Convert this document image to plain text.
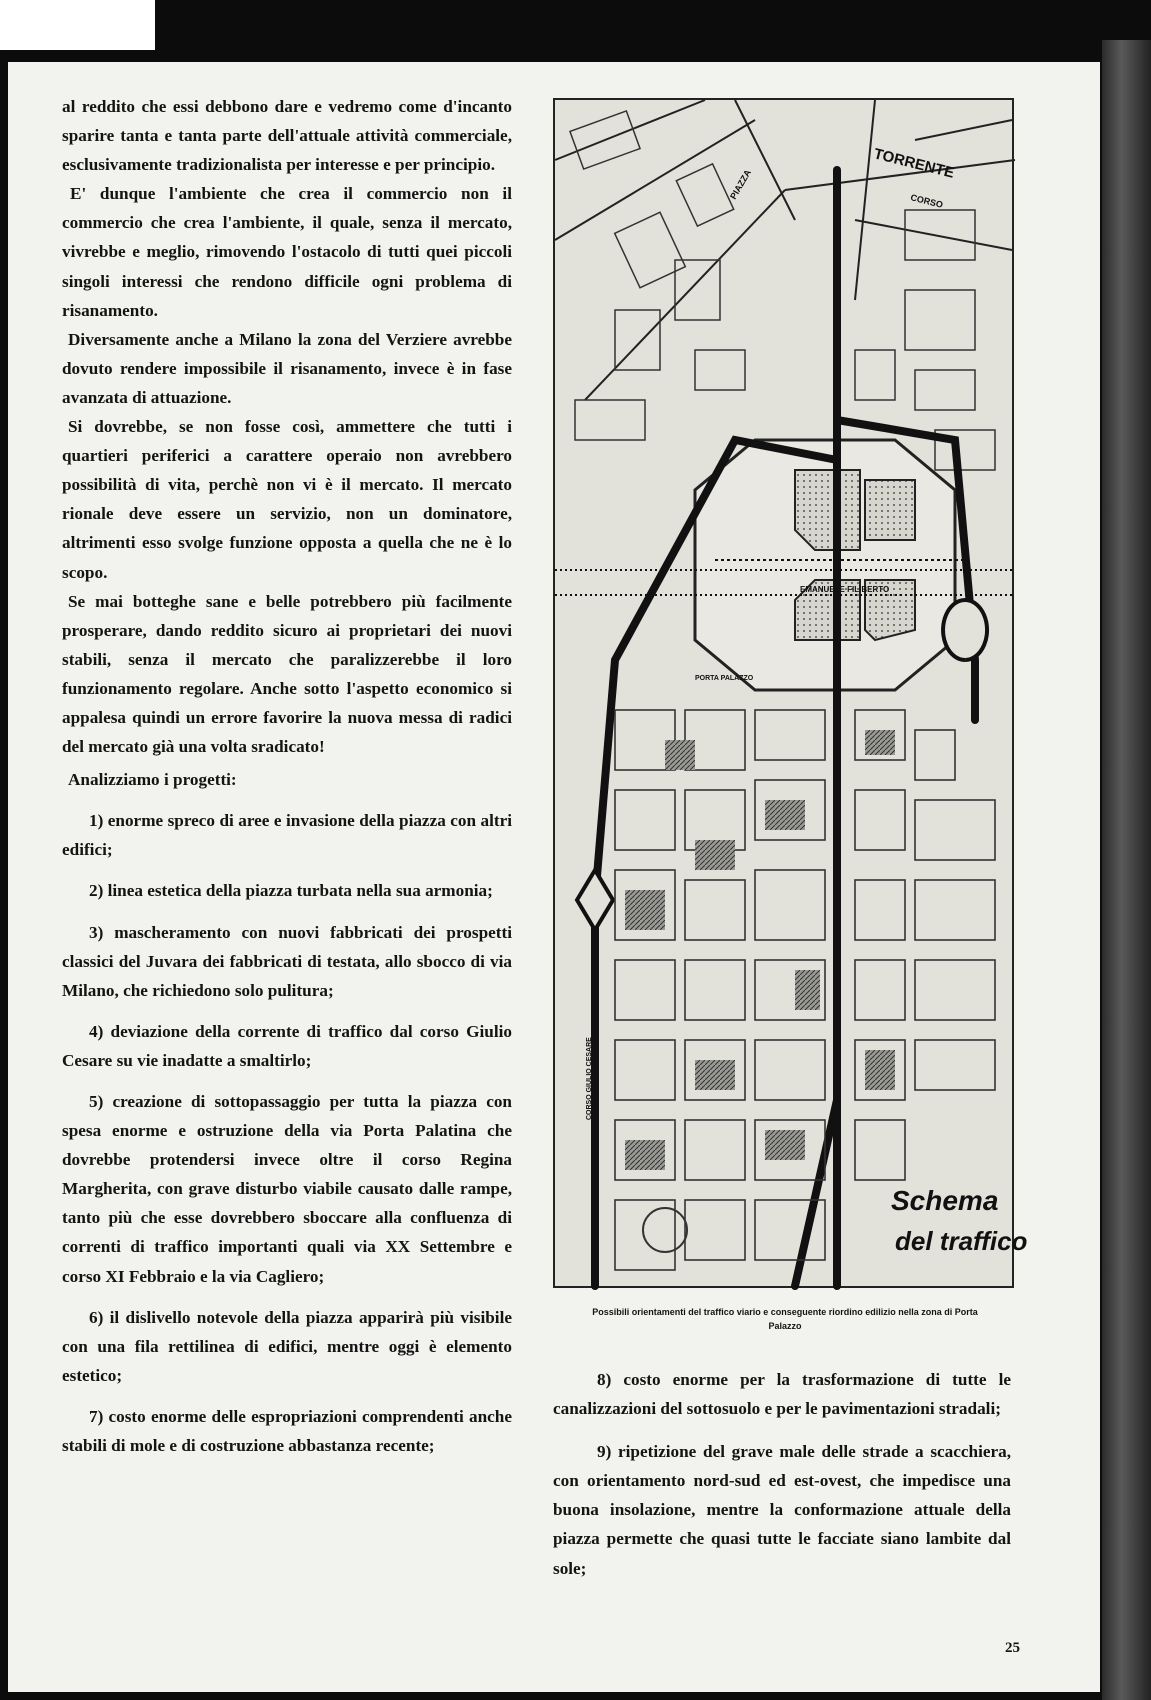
al reddito che essi debbono dare e vedremo come d'incanto sparire tanta e tanta parte dell'attuale attività commerciale, esclusivamente tradizionalista per interesse e per principio.

E' dunque l'ambiente che crea il commercio non il commercio che crea l'ambiente, il quale, senza il mercato, vivrebbe e meglio, rimovendo l'ostacolo di tutti quei piccoli singoli interessi che rendono difficile ogni problema di risanamento.

Diversamente anche a Milano la zona del Verziere avrebbe dovuto rendere impossibile il risanamento, invece è in fase avanzata di attuazione.

Si dovrebbe, se non fosse così, ammettere che tutti i quartieri periferici a carattere operaio non avrebbero possibilità di vita, perchè non vi è il mercato. Il mercato rionale deve essere un servizio, non un dominatore, altrimenti esso svolge funzione opposta a quella che ne è lo scopo.

Se mai botteghe sane e belle potrebbero più facilmente prosperare, dando reddito sicuro ai proprietari dei nuovi stabili, senza il mercato che paralizzerebbe il loro funzionamento regolare. Anche sotto l'aspetto economico si appalesa quindi un errore favorire la nuova messa di radici del mercato già una volta sradicato!

Analizziamo i progetti:

1) enorme spreco di aree e invasione della piazza con altri edifici;

2) linea estetica della piazza turbata nella sua armonia;

3) mascheramento con nuovi fabbricati dei prospetti classici del Juvara dei fabbricati di testata, allo sbocco di via Milano, che richiedono solo pulitura;

4) deviazione della corrente di traffico dal corso Giulio Cesare su vie inadatte a smaltirlo;

5) creazione di sottopassaggio per tutta la piazza con spesa enorme e ostruzione della via Porta Palatina che dovrebbe protendersi invece oltre il corso Regina Margherita, con grave disturbo viabile causato dalle rampe, tanto più che esse dovrebbero sboccare alla confluenza di correnti di traffico importanti quali via XX Settembre e corso XI Febbraio e la via Cagliero;

6) il dislivello notevole della piazza apparirà più visibile con una fila rettilinea di edifici, mentre oggi è elemento estetico;

7) costo enorme delle espropriazioni comprendenti anche stabili di mole e di costruzione abbastanza recente;

TORRENTE
CORSO
PIAZZA
EMANUELE FILIBERTO
PORTA PALAZZO
CORSO GIULIO CESARE
Schema
del traffico
Possibili orientamenti del traffico viario e conseguente riordino edilizio nella zona di Porta Palazzo

8) costo enorme per la trasformazione di tutte le canalizzazioni del sottosuolo e per le pavimentazioni stradali;

9) ripetizione del grave male delle strade a scacchiera, con orientamento nord-sud ed est-ovest, che impedisce una buona insolazione, mentre la conformazione attuale della piazza permette che quasi tutte le facciate siano lambite dal sole;

25
